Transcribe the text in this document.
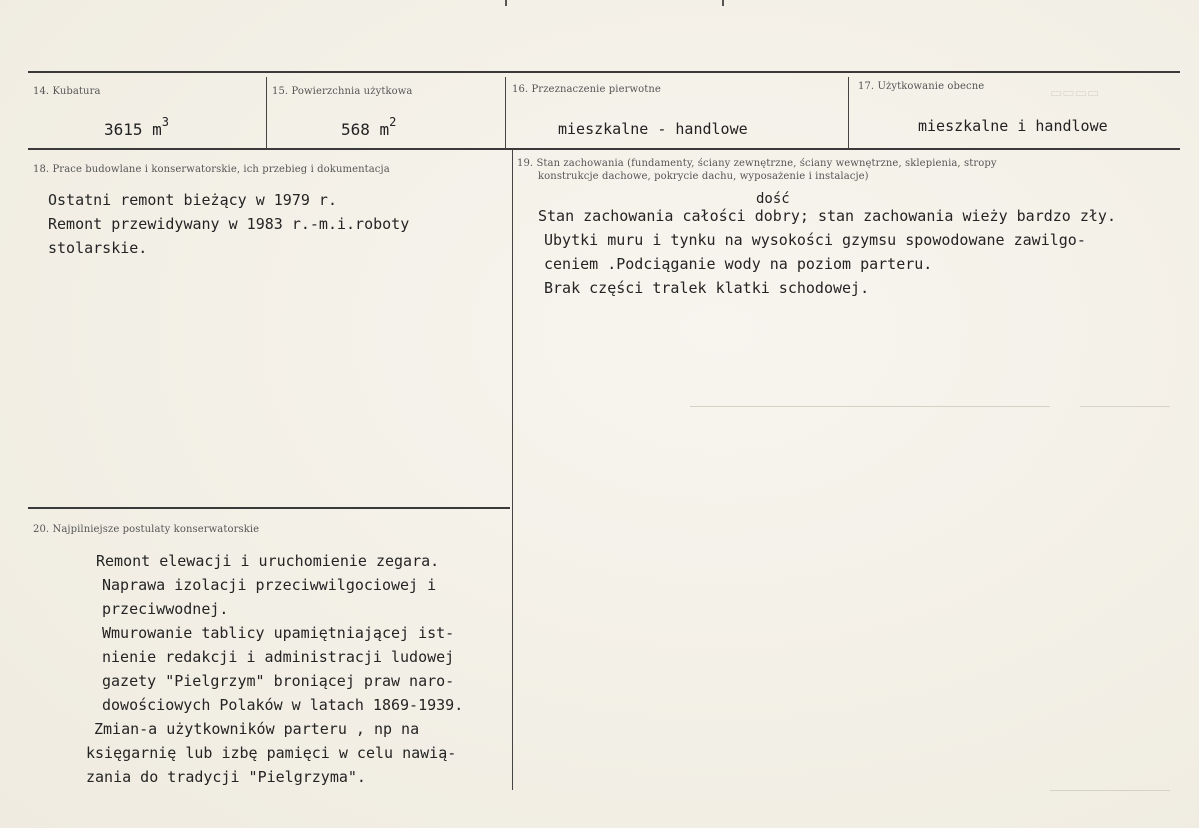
▭▭▭▭
14. Kubatura
3615 $m^3$
15. Powierzchnia użytkowa
568 $m^2$
16. Przeznaczenie pierwotne
mieszkalne - handlowe
17. Użytkowanie obecne
mieszkalne i handlowe
18. Prace budowlane i konserwatorskie, ich przebieg i dokumentacja
Ostatni remont bieżący w 1979 r.
Remont przewidywany w 1983 r.-m.i.roboty
stolarskie.
19. Stan zachowania (fundamenty, ściany zewnętrzne, ściany wewnętrzne, sklepienia, stropy
konstrukcje dachowe, pokrycie dachu, wyposażenie i instalacje)
dość
Stan zachowania całości dobry; stan zachowania wieży bardzo zły.
Ubytki muru i tynku na wysokości gzymsu spowodowane zawilgo-
ceniem .Podciąganie wody na poziom parteru.
Brak części tralek klatki schodowej.
20. Najpilniejsze postulaty konserwatorskie
Remont elewacji i uruchomienie zegara.
Naprawa izolacji przeciwwilgociowej i
przeciwwodnej.
Wmurowanie tablicy upamiętniającej ist-
nienie redakcji i administracji ludowej
gazety "Pielgrzym" broniącej praw naro-
dowościowych Polaków w latach 1869-1939.
Zmian-a użytkowników parteru , np na
księgarnię lub izbę pamięci w celu nawią-
zania do tradycji "Pielgrzyma".
